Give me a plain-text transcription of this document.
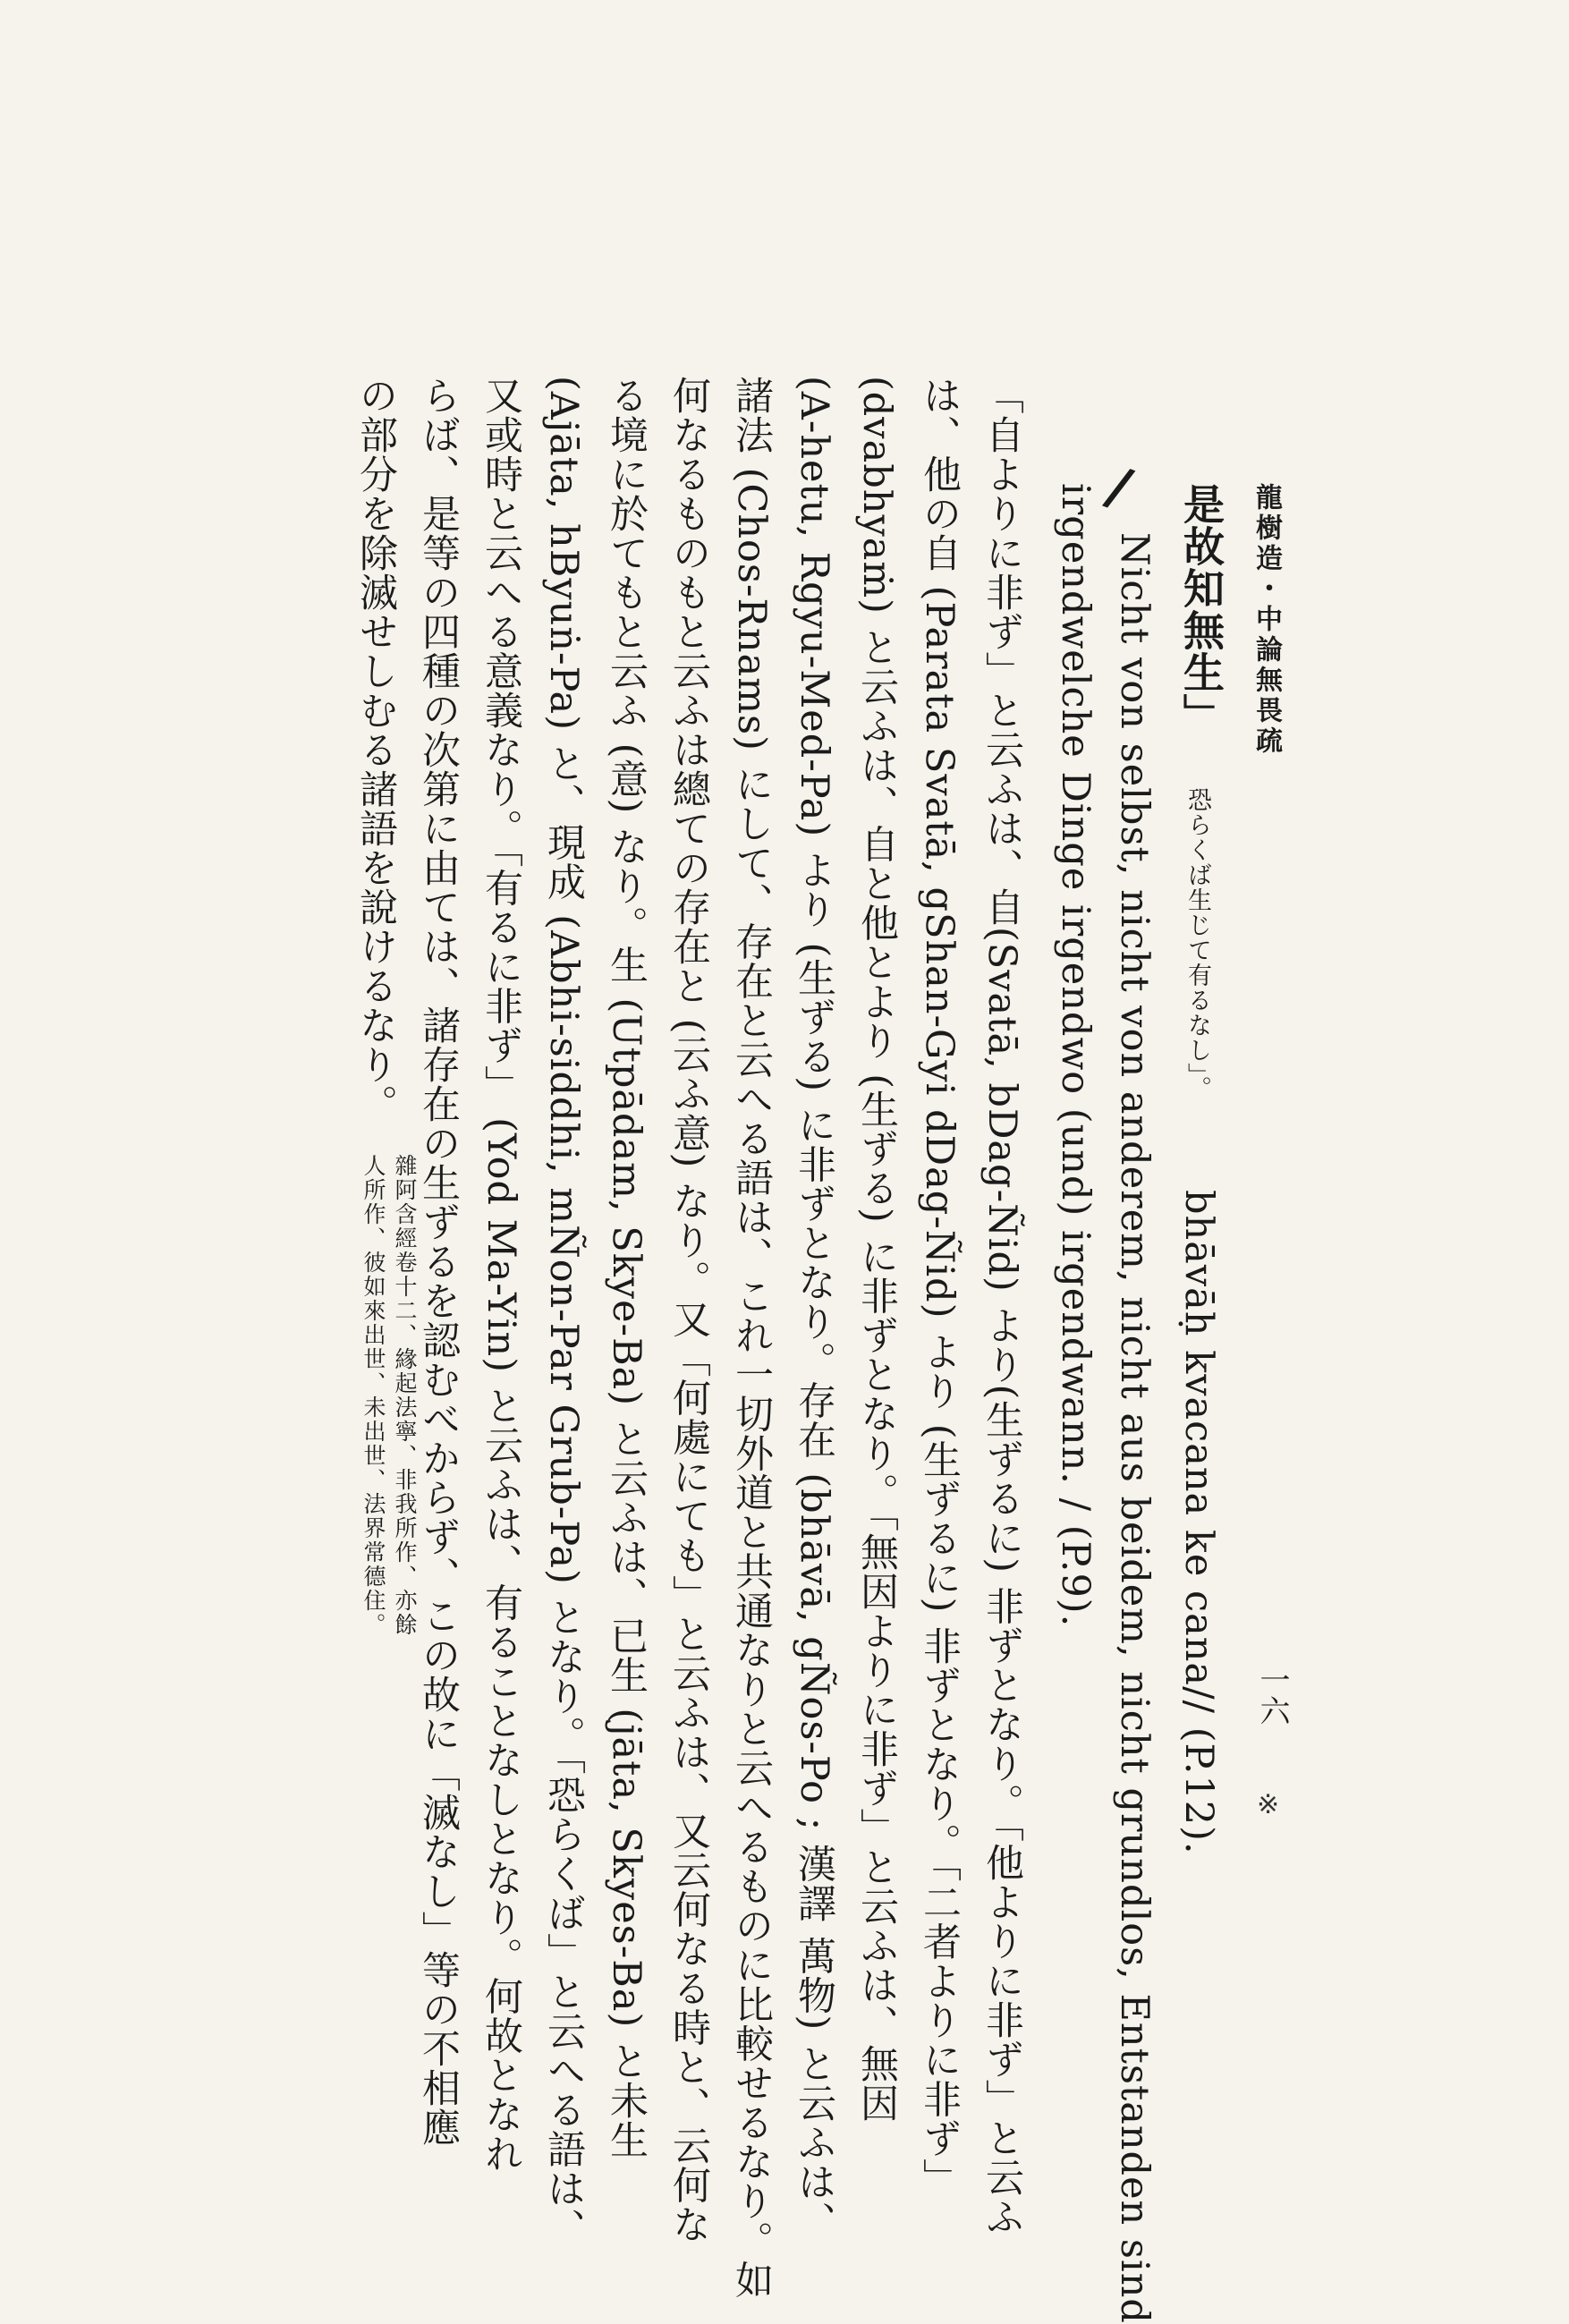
龍樹造・中論無畏疏
一六
※
是故知無生」
恐らくば生じて有るなし」。
bhāvāḥ kvacana ke cana// (P.12).
/
Nicht von selbst, nicht von anderem, nicht aus beidem, nicht grundlos, Entstanden sind
irgendwelche Dinge irgendwo (und) irgendwann. / (P.9).
「自よりに非ず」と云ふは、自(Svatā, bDag-Ñid) より(生ずるに) 非ずとなり。「他よりに非ず」と云ふ
は、他の自 (Parata Svatā, gShan-Gyi dDag-Ñid) より (生ずるに) 非ずとなり。「二者よりに非ず」
(dvabhyaṁ) と云ふは、自と他とより (生ずる) に非ずとなり。「無因よりに非ず」と云ふは、無因
(A-hetu, Rgyu-Med-Pa) より (生ずる) に非ずとなり。存在 (bhāvā, gÑos-Po ; 漢譯 萬物) と云ふは、
諸法 (Chos-Rnams) にして、存在と云へる語は、これ一切外道と共通なりと云へるものに比較せるなり。如
何なるものもと云ふは總ての存在と (云ふ意) なり。又「何處にても」と云ふは、又云何なる時と、云何な
る境に於てもと云ふ (意) なり。生 (Utpādam, Skye-Ba) と云ふは、已生 (jāta, Skyes-Ba) と未生
(Ajāta, hByuṅ-Pa) と、現成 (Abhi-siddhi, mÑon-Par Grub-Pa) となり。「恐らくば」と云へる語は、
又或時と云へる意義なり。「有るに非ず」 (Yod Ma-Yin) と云ふは、有ることなしとなり。何故となれ
らば、是等の四種の次第に由ては、諸存在の生ずるを認むべからず、この故に「滅なし」等の不相應
の部分を除滅せしむる諸語を說けるなり。
雜阿含經卷十二、緣起法寧、非我所作、亦餘
人所作、彼如來出世、未出世、法界常德住。
